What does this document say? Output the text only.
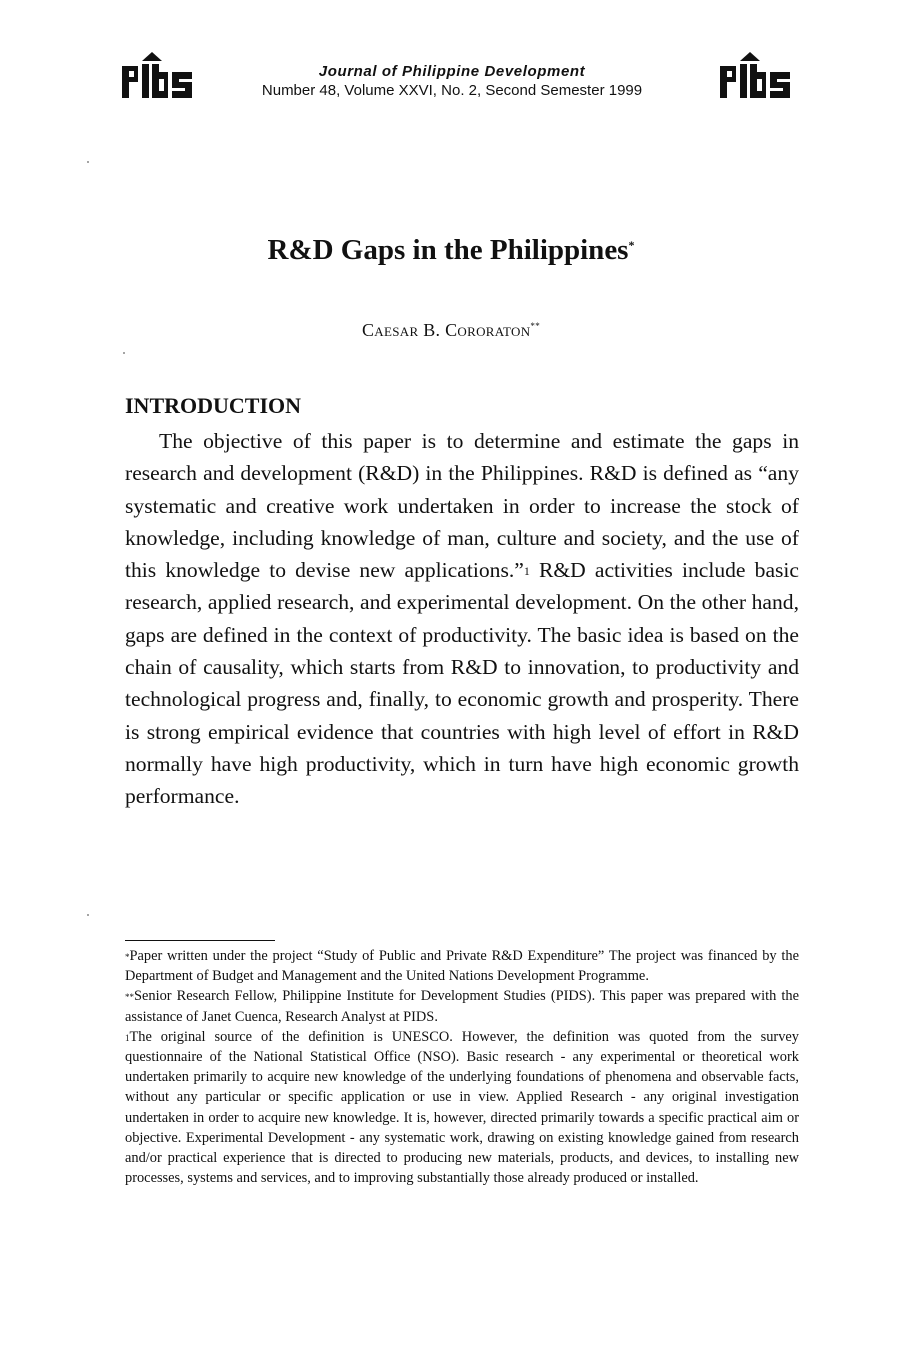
Journal of Philippine Development
Number 48, Volume XXVI, No. 2, Second Semester 1999
R&D Gaps in the Philippines*
Caesar B. Cororaton**
INTRODUCTION
The objective of this paper is to determine and estimate the gaps in research and development (R&D) in the Philippines. R&D is defined as “any systematic and creative work undertaken in order to increase the stock of knowledge, including knowledge of man, culture and society, and the use of this knowledge to devise new applications.”$^1$ R&D activities include basic research, applied research, and experimental development. On the other hand, gaps are defined in the context of productivity. The basic idea is based on the chain of causality, which starts from R&D to innovation, to productivity and technological progress and, finally, to economic growth and prosperity. There is strong empirical evidence that countries with high level of effort in R&D normally have high productivity, which in turn have high economic growth performance.

*Paper written under the project “Study of Public and Private R&D Expenditure” The project was financed by the Department of Budget and Management and the United Nations Development Programme.

**Senior Research Fellow, Philippine Institute for Development Studies (PIDS). This paper was prepared with the assistance of Janet Cuenca, Research Analyst at PIDS.

$^1$The original source of the definition is UNESCO. However, the definition was quoted from the survey questionnaire of the National Statistical Office (NSO). Basic research - any experimental or theoretical work undertaken primarily to acquire new knowledge of the underlying foundations of phenomena and observable facts, without any particular or specific application or use in view. Applied Research - any original investigation undertaken in order to acquire new knowledge. It is, however, directed primarily towards a specific practical aim or objective. Experimental Development - any systematic work, drawing on existing knowledge gained from research and/or practical experience that is directed to producing new materials, products, and devices, to installing new processes, systems and services, and to improving substantially those already produced or installed.
